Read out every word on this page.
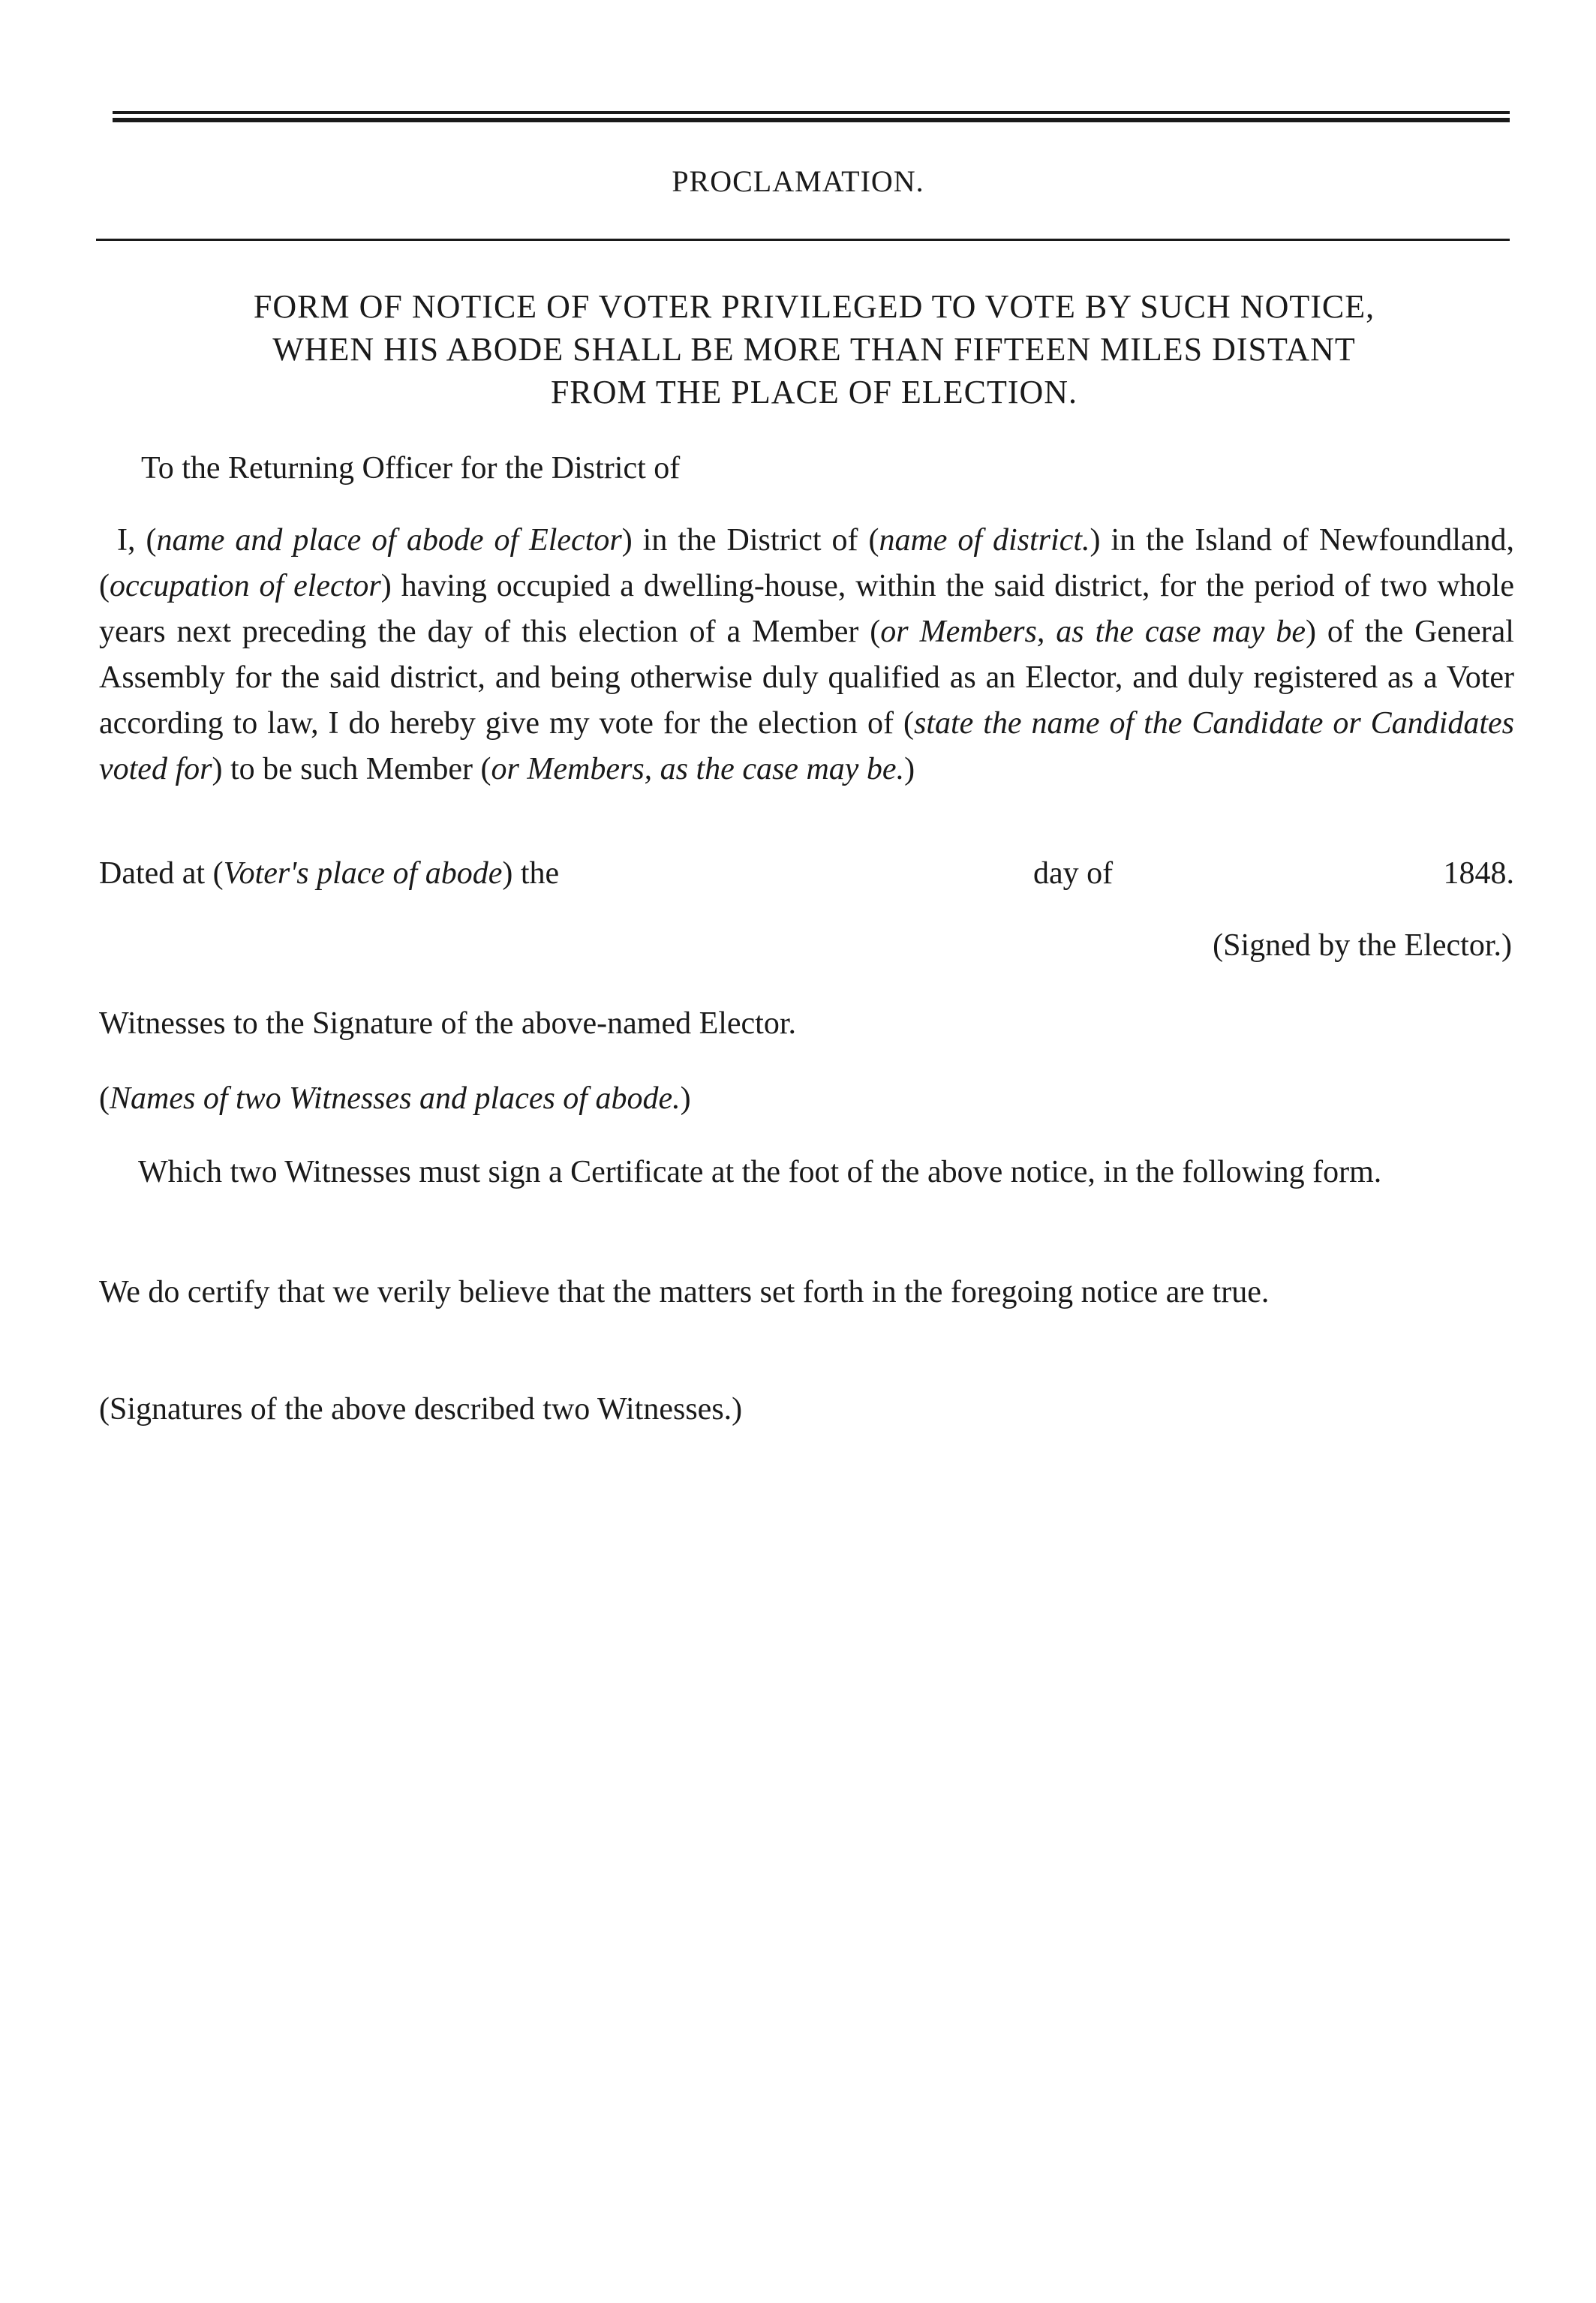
PROCLAMATION.
FORM OF NOTICE OF VOTER PRIVILEGED TO VOTE BY SUCH NOTICE,
WHEN HIS ABODE SHALL BE MORE THAN FIFTEEN MILES DISTANT
FROM THE PLACE OF ELECTION.
To the Returning Officer for the District of
I, (name and place of abode of Elector) in the District of (name of district.) in the Island of Newfoundland, (occupation of elector) having occupied a dwelling-house, within the said district, for the period of two whole years next preceding the day of this election of a Member (or Members, as the case may be) of the General Assembly for the said district, and being otherwise duly qualified as an Elector, and duly registered as a Voter according to law, I do hereby give my vote for the election of (state the name of the Candidate or Candidates voted for) to be such Member (or Members, as the case may be.)
Dated at (Voter's place of abode) the	day of	1848.
(Signed by the Elector.)
Witnesses to the Signature of the above-named Elector.
(Names of two Witnesses and places of abode.)
Which two Witnesses must sign a Certificate at the foot of the above notice, in the following form.
We do certify that we verily believe that the matters set forth in the foregoing notice are true.
(Signatures of the above described two Witnesses.)
